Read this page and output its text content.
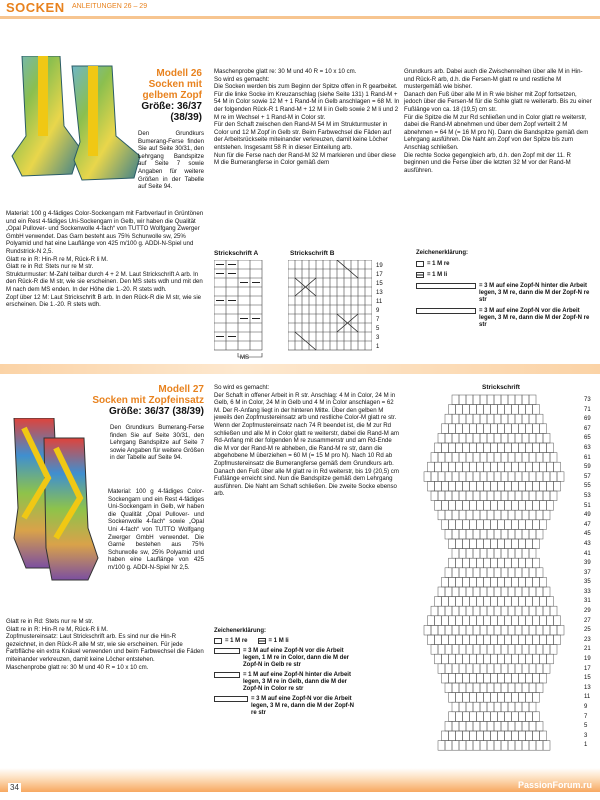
SOCKEN ANLEITUNGEN 26 – 29
Modell 26
Socken mit
gelbem Zopf
Größe: 36/37
(38/39)
Den Grundkurs Bumerang-Ferse finden Sie auf Seite 30/31, den Lehrgang Bandspitze auf Seite 7 sowie Angaben für weitere Größen in der Tabelle auf Seite 94.
Material: 100 g 4-fädiges Color-Sockengarn mit Farbverlauf in Grüntönen und ein Rest 4-fädiges Uni-Sockengarn in Gelb, wir haben die Qualität „Opal Pullover- und Sockenwolle 4-fach“ von TUTTO Wolfgang Zwerger GmbH verwendet. Das Garn besteht aus 75% Schurwolle sw, 25% Polyamid und hat eine Lauflänge von 425 m/100 g. ADDI-N-Spiel und Rundstrick-N 2,5.
Glatt re in R: Hin-R re M, Rück-R li M.
Glatt re in Rd: Stets nur re M str.
Strukturmuster: M-Zahl teilbar durch 4 + 2 M. Laut Strickschrift A arb. In den Rück-R die M str, wie sie erscheinen. Den MS stets wdh und mit den M nach dem MS enden. In der Höhe die 1.-20. R stets wdh.
Zopf über 12 M: Laut Strickschrift B arb. In den Rück-R die M str, wie sie erscheinen. Die 1.-20. R stets wdh.
Maschenprobe glatt re: 30 M und 40 R = 10 x 10 cm.
So wird es gemacht:
Die Socken werden bis zum Beginn der Spitze offen in R gearbeitet.
Für die linke Socke im Kreuzanschlag (siehe Seite 131) 1 Rand-M + 54 M in Color sowie 12 M + 1 Rand-M in Gelb anschlagen = 68 M. In der folgenden Rück-R 1 Rand-M + 12 M li in Gelb sowie 2 M li und 2 M re im Wechsel + 1 Rand-M in Color str.
Für den Schaft zwischen den Rand-M 54 M im Strukturmuster in Color und 12 M Zopf in Gelb str. Beim Farbwechsel die Fäden auf der Arbeitsrückseite miteinander verkreuzen, damit keine Löcher entstehen. Insgesamt 58 R in dieser Einteilung arb.
Nun für die Ferse nach der Rand-M 32 M markieren und über diese M die Bumerangferse in Color gemäß dem
Grundkurs arb. Dabei auch die Zwischenreihen über alle M in Hin- und Rück-R arb, d.h. die Fersen-M glatt re und restliche M mustergemäß wie bisher.
Danach den Fuß über alle M in R wie bisher mit Zopf fortsetzen, jedoch über die Fersen-M für die Sohle glatt re weiterarb. Bis zu einer Fußlänge von ca. 18 (19,5) cm str.
Für die Spitze die M zur Rd schließen und in Color glatt re weiterstr, dabei die Rand-M abnehmen und über dem Zopf verteilt 2 M abnehmen = 64 M (= 16 M pro N). Dann die Bandspitze gemäß dem Lehrgang ausführen. Die Naht am Zopf von der Spitze bis zum Anschlag schließen.
Die rechte Socke gegengleich arb, d.h. den Zopf mit der 11. R beginnen und die Ferse über die letzten 32 M vor der Rand-M ausführen.
Strickschrift A
MS
Strickschrift B
19
17
15
13
11
9
7
5
3
1
Zeichenerklärung:
= 1 M re
= 1 M li
= 3 M auf eine Zopf-N hinter die Arbeit legen, 3 M re, dann die M der Zopf-N re str
= 3 M auf eine Zopf-N vor die Arbeit legen, 3 M re, dann die M der Zopf-N re str
Modell 27
Socken mit Zopfeinsatz
Größe: 36/37 (38/39)
Den Grundkurs Bumerang-Ferse finden Sie auf Seite 30/31, den Lehrgang Bandspitze auf Seite 7 sowie Angaben für weitere Größen in der Tabelle auf Seite 94.
Material: 100 g 4-fädiges Color-Sockengarn und ein Rest 4-fädiges Uni-Sockengarn in Gelb, wir haben die Qualität „Opal Pullover- und Sockenwolle 4-fach“ sowie „Opal Uni 4-fach“ von TUTTO Wolfgang Zwerger GmbH verwendet. Die Garne bestehen aus 75% Schurwolle sw, 25% Polyamid und haben eine Lauflänge von 425 m/100 g. ADDI-N-Spiel Nr 2,5.
Glatt re in Rd: Stets nur re M str.
Glatt re in R: Hin-R re M, Rück-R li M.
Zopfmustereinsatz: Laut Strickschrift arb. Es sind nur die Hin-R gezeichnet, in den Rück-R alle M str, wie sie erscheinen. Für jede Farbfläche ein extra Knäuel verwenden und beim Farbwechsel die Fäden miteinander verkreuzen, damit keine Löcher entstehen.
Maschenprobe glatt re: 30 M und 40 R = 10 x 10 cm.
So wird es gemacht:
Der Schaft in offener Arbeit in R str. Anschlag: 4 M in Color, 24 M in Gelb, 6 M in Color, 24 M in Gelb und 4 M in Color anschlagen = 62 M. Der R-Anfang liegt in der hinteren Mitte. Über den gelben M jeweils den Zopfmustereinsatz arb und restliche Color-M glatt re str. Wenn der Zopfmustereinsatz nach 74 R beendet ist, die M zur Rd schließen und alle M in Color glatt re weiterstr, dabei die Rand-M am Rd-Anfang mit der folgenden M re zusammenstr und am Rd-Ende die M vor der Rand-M re abheben, die Rand-M re str, dann die abgehobene M überziehen = 60 M (= 15 M pro N). Nach 10 Rd ab Zopfmustereinsatz die Bumerangferse gemäß dem Grundkurs arb. Danach den Fuß über alle M glatt re in Rd weiterstr, bis 19 (20,5) cm Fußlänge erreicht sind. Nun die Bandspitze gemäß dem Lehrgang ausführen. Die Naht am Schaft schließen. Die zweite Socke ebenso arb.
Zeichenerklärung:
= 1 M re	= 1 M li
= 3 M auf eine Zopf-N vor die Arbeit legen, 1 M re in Color, dann die M der Zopf-N in Gelb re str
= 1 M auf eine Zopf-N hinter die Arbeit legen, 3 M re in Gelb, dann die M der Zopf-N in Color re str
= 3 M auf eine Zopf-N vor die Arbeit legen, 3 M re, dann die M der Zopf-N re str
Strickschrift
73
71
69
67
65
63
61
59
57
55
53
51
49
47
45
43
41
39
37
35
33
31
29
27
25
23
21
19
17
15
13
11
9
7
5
3
1
34	PassionForum.ru
